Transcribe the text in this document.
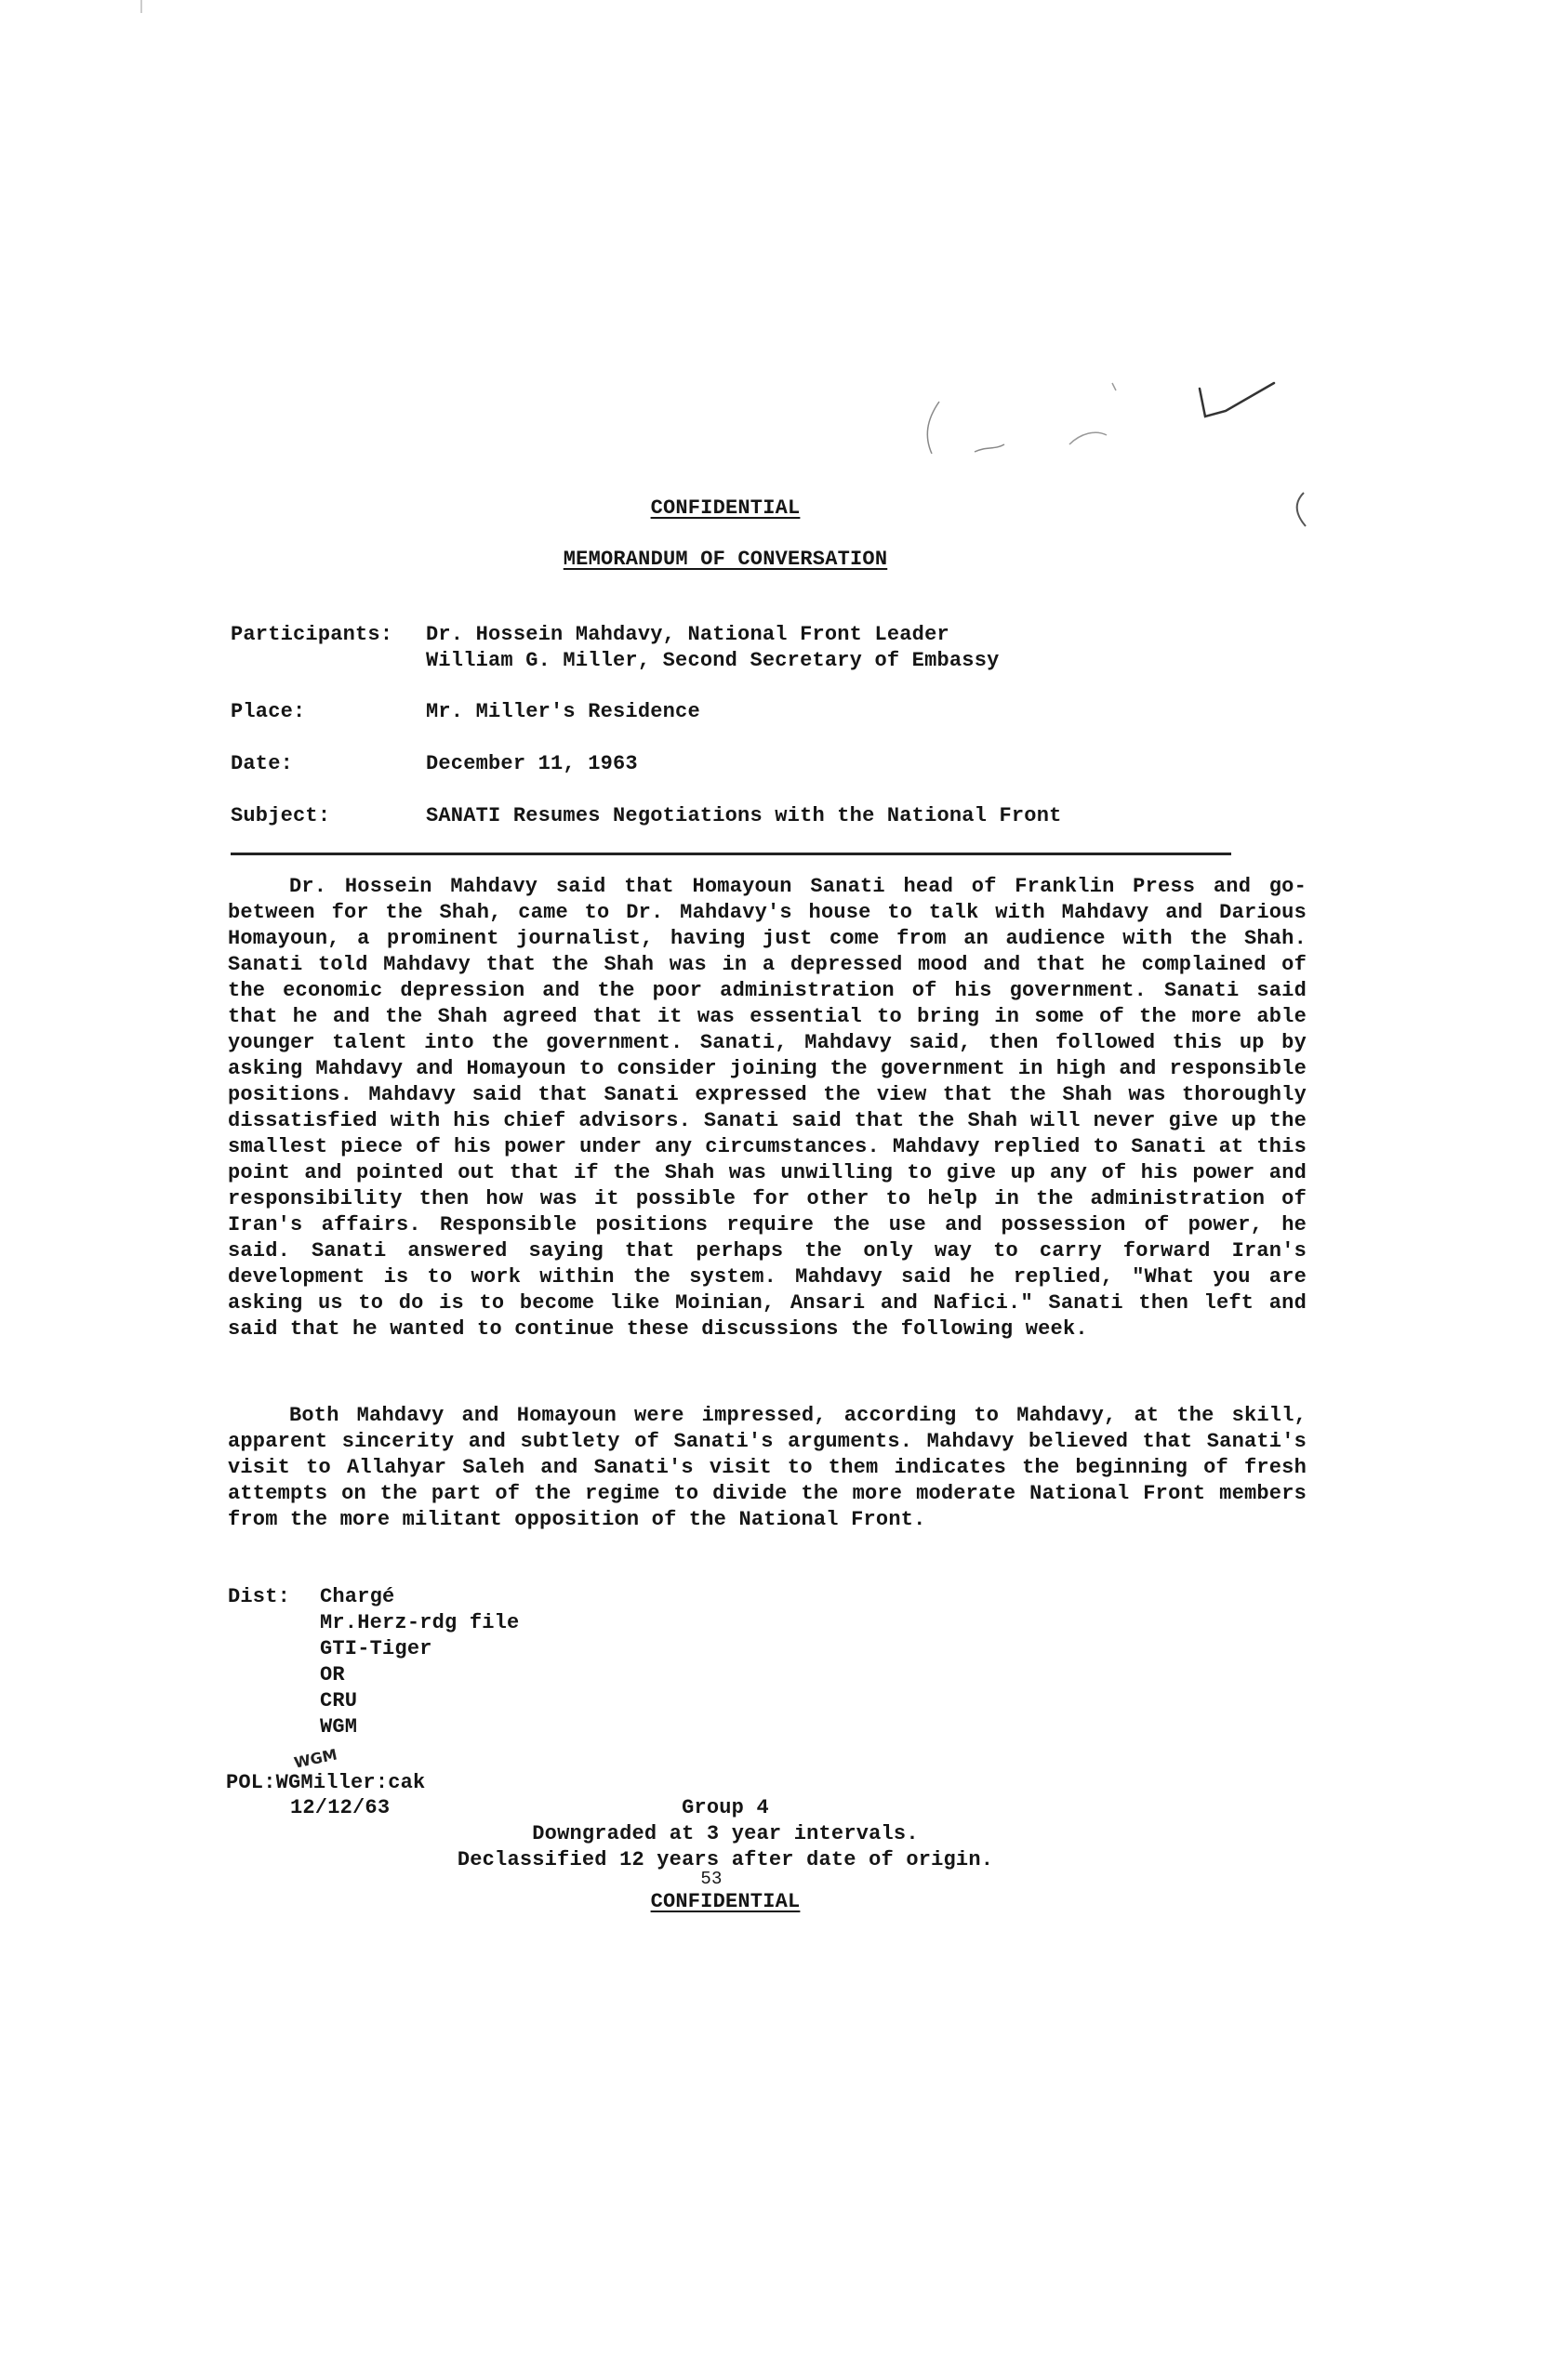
CONFIDENTIAL
MEMORANDUM OF CONVERSATION
Participants: Dr. Hossein Mahdavy, National Front Leader
William G. Miller, Second Secretary of Embassy
Place:	Mr. Miller's Residence
Date:	December 11, 1963
Subject:	SANATI Resumes Negotiations with the National Front

Dr. Hossein Mahdavy said that Homayoun Sanati head of Franklin Press and go-between for the Shah, came to Dr. Mahdavy's house to talk with Mahdavy and Darious Homayoun, a prominent journalist, having just come from an audience with the Shah. Sanati told Mahdavy that the Shah was in a depressed mood and that he complained of the economic depression and the poor administration of his government. Sanati said that he and the Shah agreed that it was essential to bring in some of the more able younger talent into the government. Sanati, Mahdavy said, then followed this up by asking Mahdavy and Homayoun to consider joining the government in high and responsible positions. Mahdavy said that Sanati expressed the view that the Shah was thoroughly dissatisfied with his chief advisors. Sanati said that the Shah will never give up the smallest piece of his power under any circumstances. Mahdavy replied to Sanati at this point and pointed out that if the Shah was unwilling to give up any of his power and responsibility then how was it possible for other to help in the administration of Iran's affairs. Responsible positions require the use and possession of power, he said. Sanati answered saying that perhaps the only way to carry forward Iran's development is to work within the system. Mahdavy said he replied, "What you are asking us to do is to become like Moinian, Ansari and Nafici." Sanati then left and said that he wanted to continue these discussions the following week.

Both Mahdavy and Homayoun were impressed, according to Mahdavy, at the skill, apparent sincerity and subtlety of Sanati's arguments. Mahdavy believed that Sanati's visit to Allahyar Saleh and Sanati's visit to them indicates the beginning of fresh attempts on the part of the regime to divide the more moderate National Front members from the more militant opposition of the National Front.

Dist: Chargé
Mr.Herz-rdg file
GTI-Tiger
OR
CRU
WGM
WGM
POL:WGMiller:cak
12/12/63	Group 4
Downgraded at 3 year intervals.
Declassified 12 years after date of origin.
53
CONFIDENTIAL
